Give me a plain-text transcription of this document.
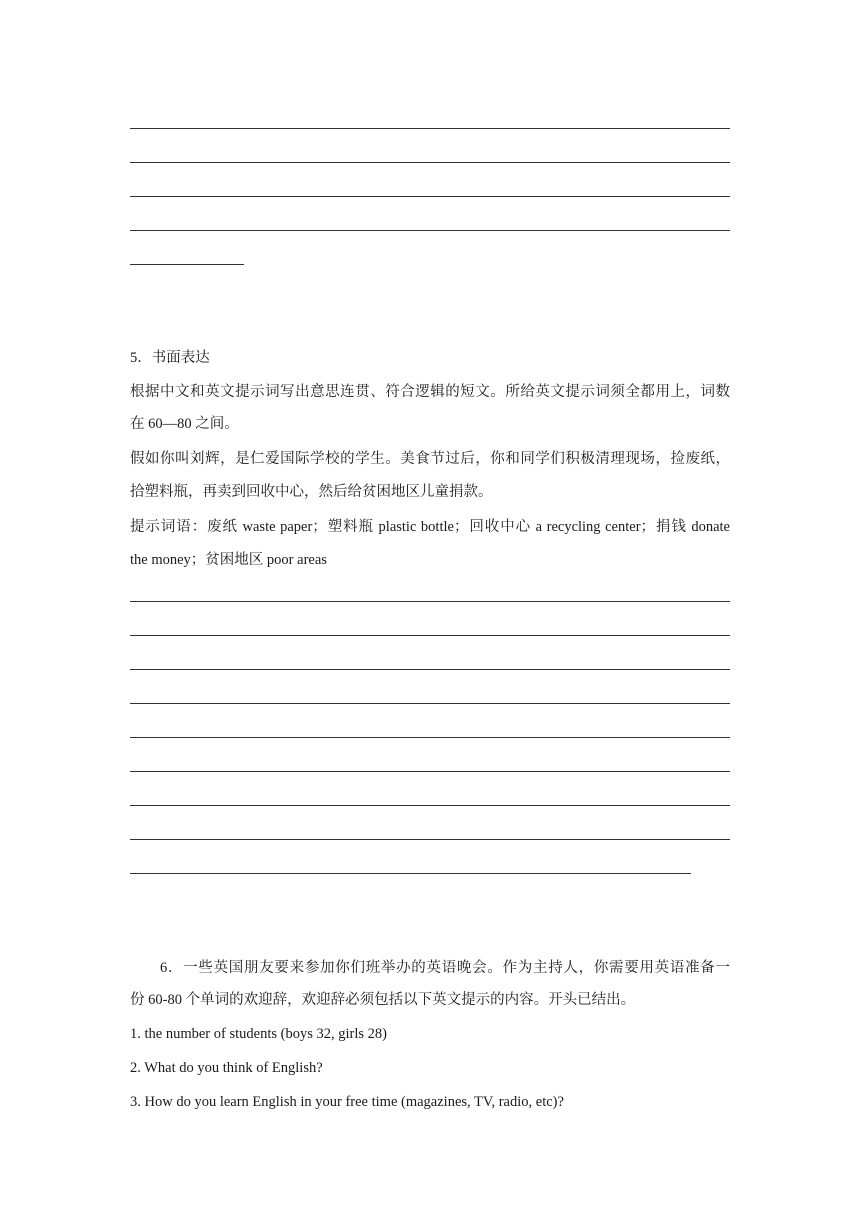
5．书面表达
根据中文和英文提示词写出意思连贯、符合逻辑的短文。所给英文提示词须全都用上，词数
在 60—80 之间。
假如你叫刘辉，是仁爱国际学校的学生。美食节过后，你和同学们积极清理现场，捡废纸，
拾塑料瓶，再卖到回收中心，然后给贫困地区儿童捐款。
提示词语：废纸 waste paper；塑料瓶 plastic bottle；回收中心 a recycling center；捐钱 donate
the money；贫困地区 poor areas
6．一些英国朋友要来参加你们班举办的英语晚会。作为主持人，你需要用英语准备一
份 60-80 个单词的欢迎辞，欢迎辞必须包括以下英文提示的内容。开头已结出。
1. the number of students (boys 32, girls 28)
2. What do you think of English?
3. How do you learn English in your free time (magazines, TV, radio, etc)?
